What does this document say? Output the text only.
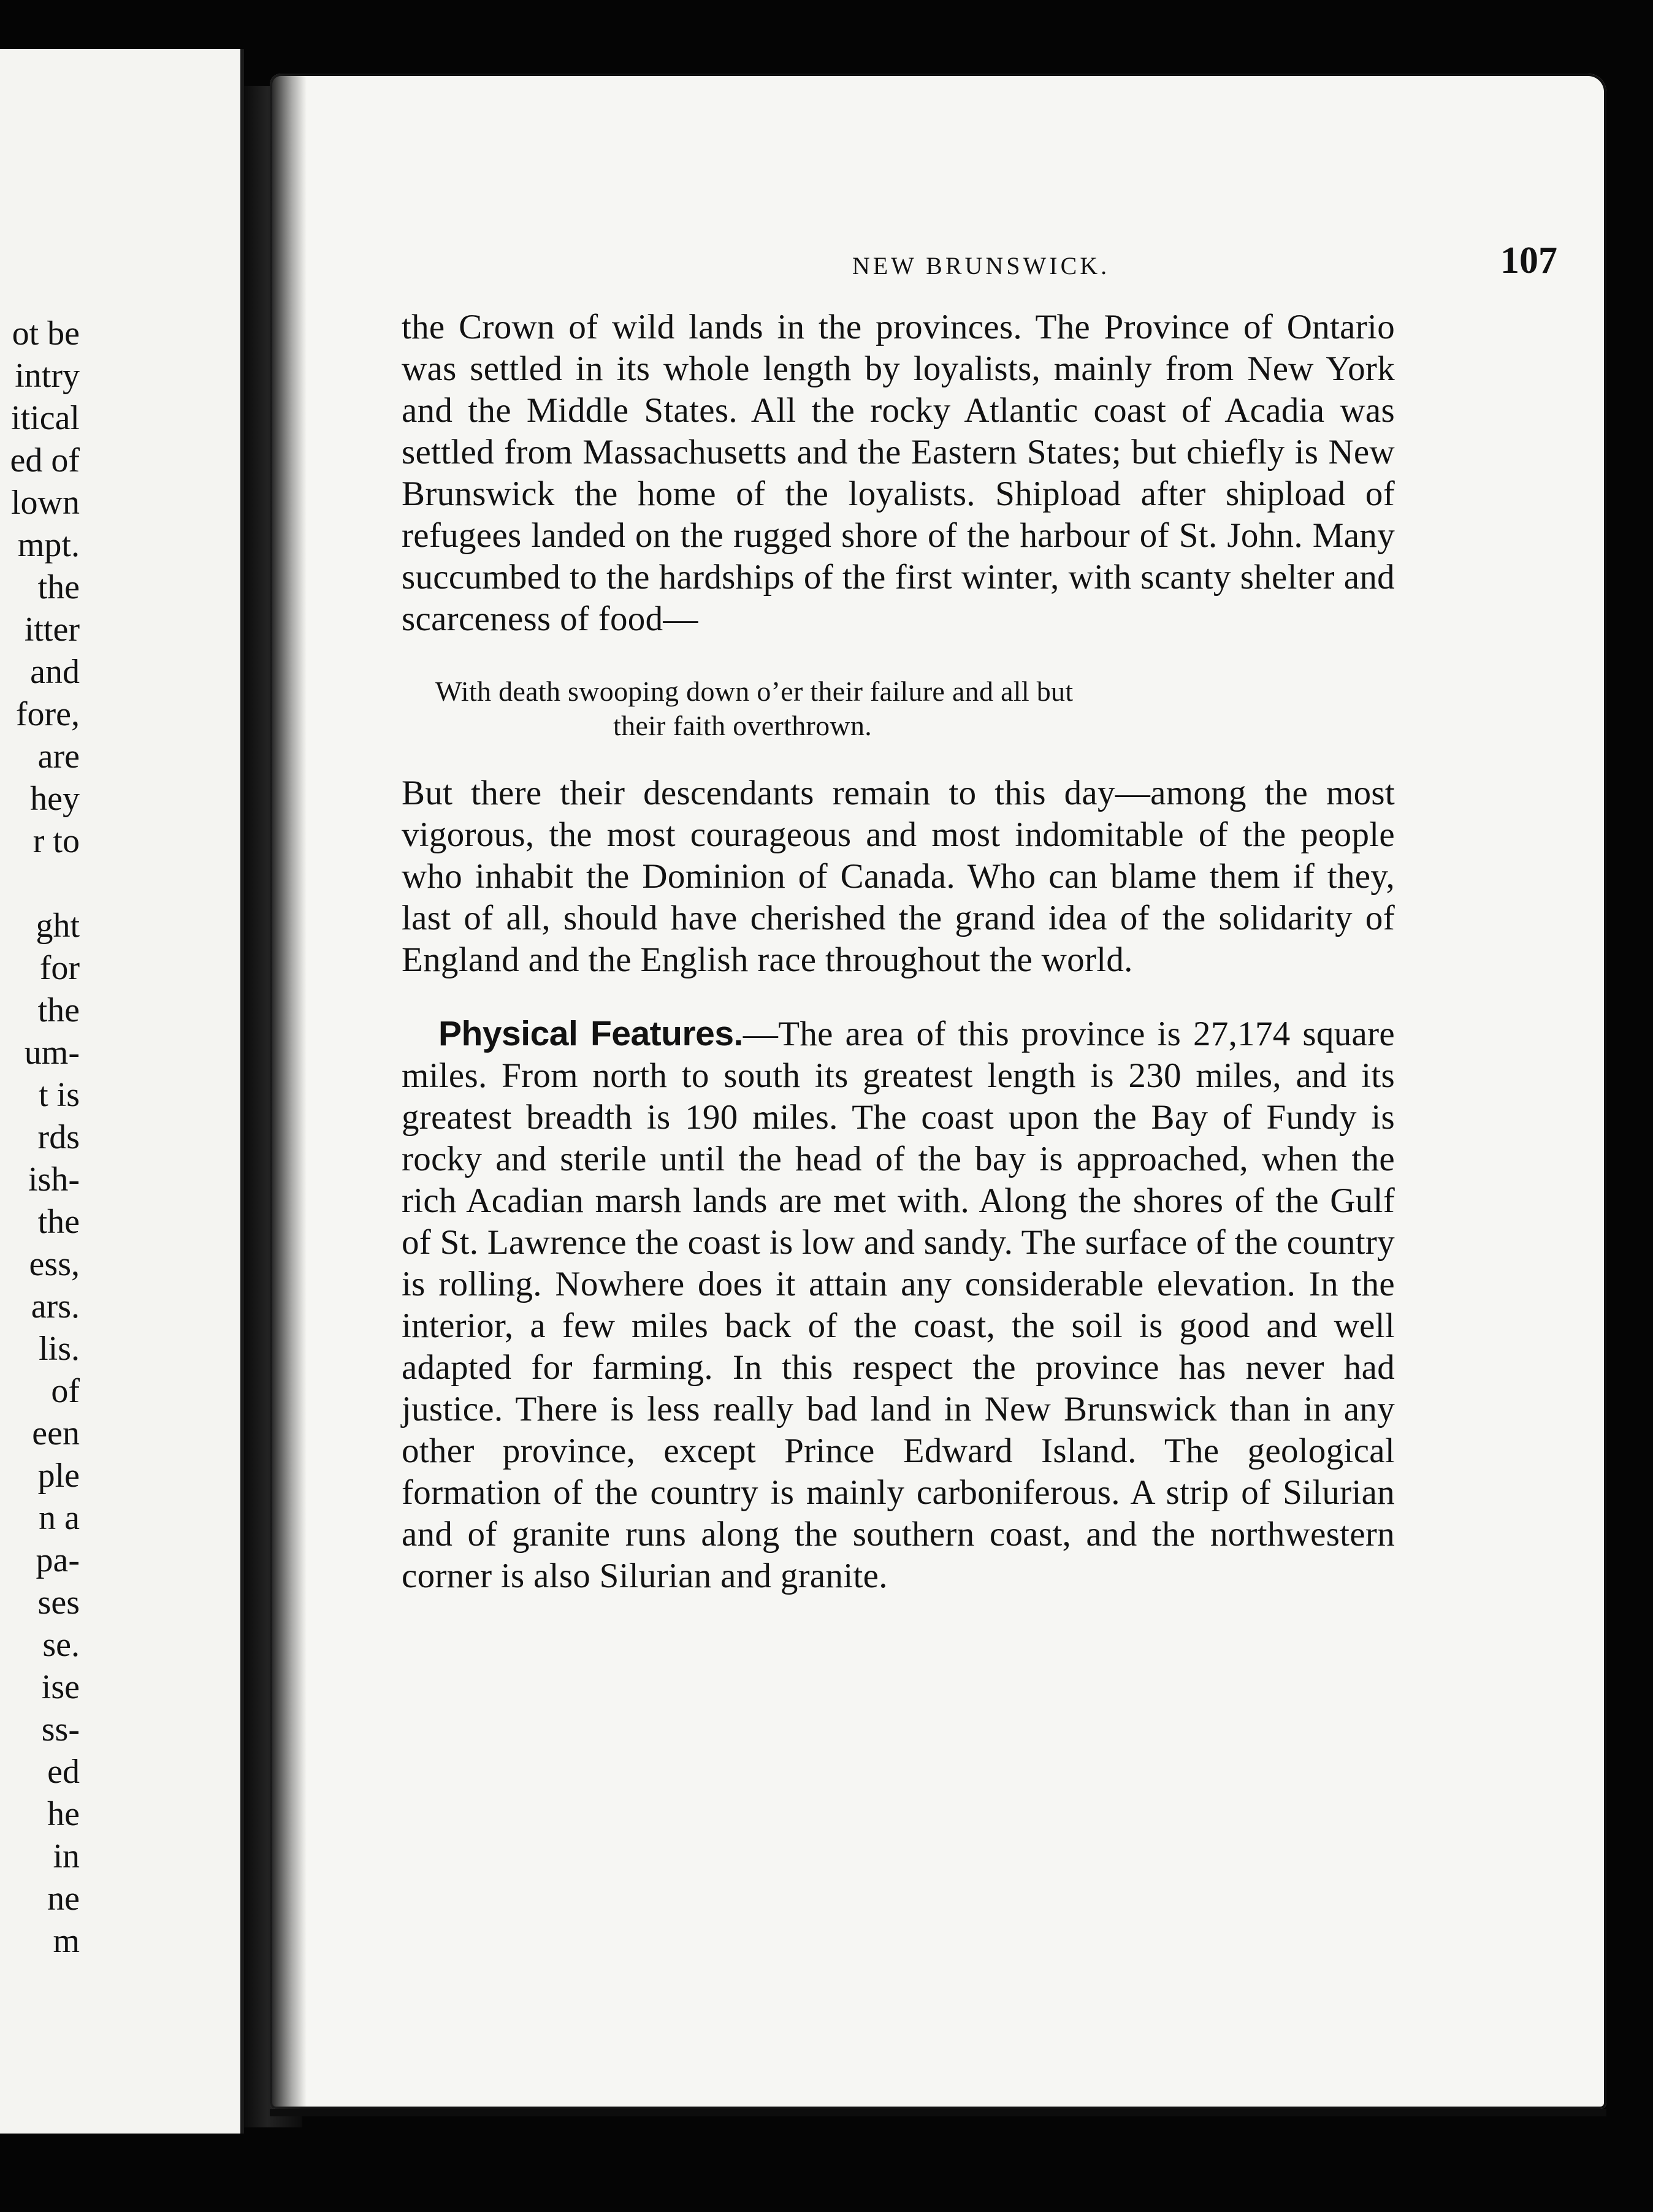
ot be
intry
itical
ed of
lown
mpt.
the
itter
and
fore,
are
hey
r to

ght
for
the
um-
t is
rds
ish-
the
ess,
ars.
lis.
of
een
ple
n a
pa-
ses
se.
ise
ss-
ed
he
in
ne
m
NEW BRUNSWICK.	107

the Crown of wild lands in the provinces. The Province of Ontario was settled in its whole length by loyalists, mainly from New York and the Middle States. All the rocky Atlantic coast of Acadia was settled from Massachusetts and the Eastern States; but chiefly is New Brunswick the home of the loyalists. Shipload after shipload of refugees landed on the rugged shore of the harbour of St. John. Many succumbed to the hardships of the first winter, with scanty shelter and scarceness of food—

With death swooping down o’er their failure and all but
their faith overthrown.

But there their descendants remain to this day—among the most vigorous, the most courageous and most indomitable of the people who inhabit the Dominion of Canada. Who can blame them if they, last of all, should have cherished the grand idea of the solidarity of England and the English race throughout the world.

Physical Features.—The area of this province is 27,174 square miles. From north to south its greatest length is 230 miles, and its greatest breadth is 190 miles. The coast upon the Bay of Fundy is rocky and sterile until the head of the bay is approached, when the rich Acadian marsh lands are met with. Along the shores of the Gulf of St. Lawrence the coast is low and sandy. The surface of the country is rolling. Nowhere does it attain any considerable elevation. In the interior, a few miles back of the coast, the soil is good and well adapted for farming. In this respect the province has never had justice. There is less really bad land in New Brunswick than in any other province, except Prince Edward Island. The geological formation of the country is mainly carboniferous. A strip of Silurian and of granite runs along the southern coast, and the northwestern corner is also Silurian and granite.
